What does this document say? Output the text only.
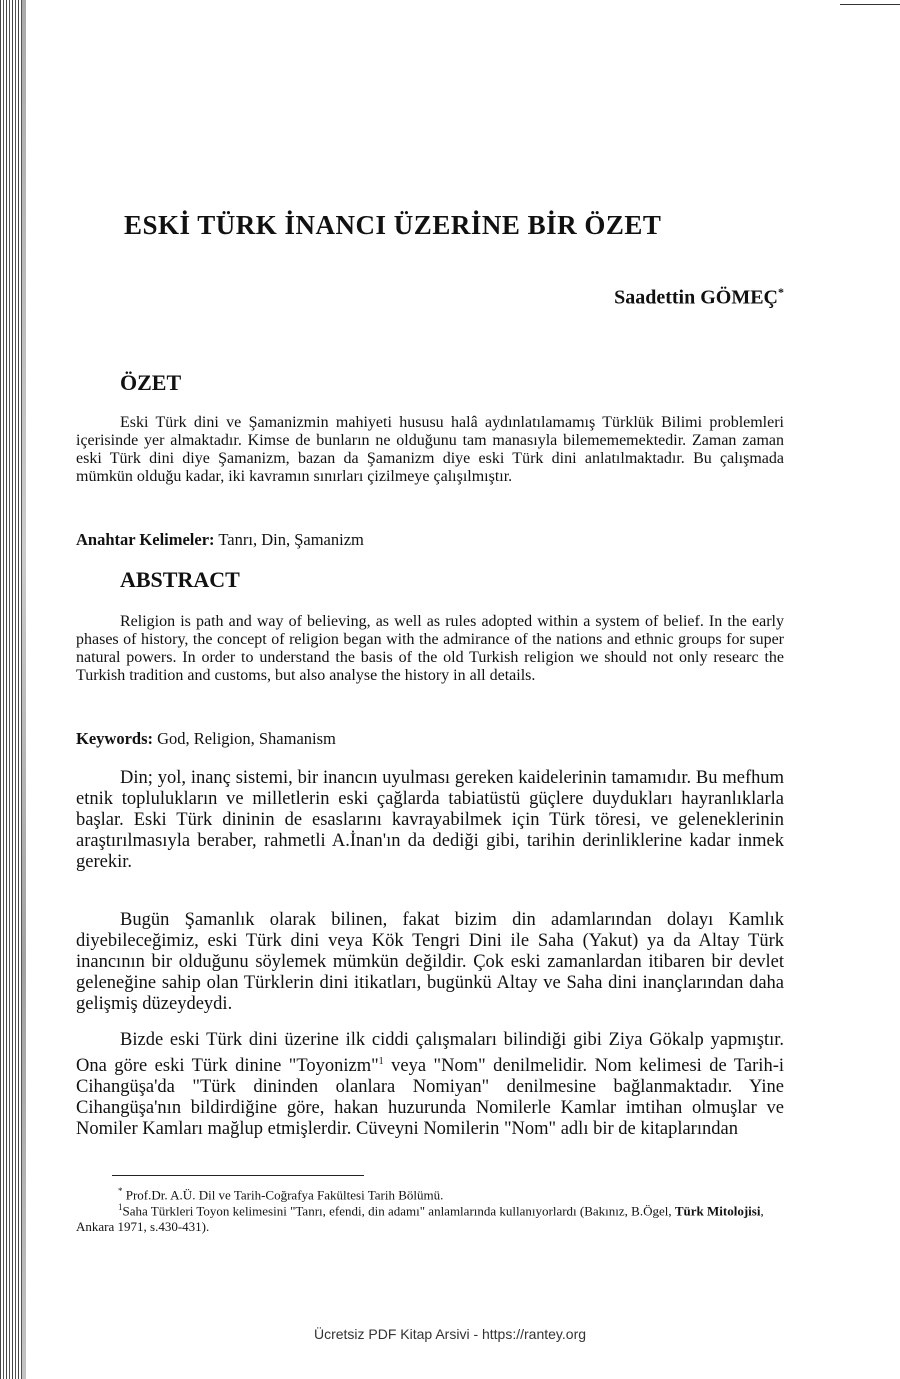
ESKİ TÜRK İNANCI ÜZERİNE BİR ÖZET

Saadettin GÖMEÇ*

ÖZET

Eski Türk dini ve Şamanizmin mahiyeti hususu halâ aydınlatılamamış Türklük Bilimi problemleri içerisinde yer almaktadır. Kimse de bunların ne olduğunu tam manasıyla bilemememektedir. Zaman zaman eski Türk dini diye Şamanizm, bazan da Şamanizm diye eski Türk dini anlatılmaktadır. Bu çalışmada mümkün olduğu kadar, iki kavramın sınırları çizilmeye çalışılmıştır.

Anahtar Kelimeler: Tanrı, Din, Şamanizm

ABSTRACT

Religion is path and way of believing, as well as rules adopted within a system of belief. In the early phases of history, the concept of religion began with the admirance of the nations and ethnic groups for super natural powers. In order to understand the basis of the old Turkish religion we should not only researc the Turkish tradition and customs, but also analyse the history in all details.

Keywords: God, Religion, Shamanism

Din; yol, inanç sistemi, bir inancın uyulması gereken kaidelerinin tamamıdır. Bu mefhum etnik toplulukların ve milletlerin eski çağlarda tabiatüstü güçlere duydukları hayranlıklarla başlar. Eski Türk dininin de esaslarını kavrayabilmek için Türk töresi, ve geleneklerinin araştırılmasıyla beraber, rahmetli A.İnan'ın da dediği gibi, tarihin derinliklerine kadar inmek gerekir.

Bugün Şamanlık olarak bilinen, fakat bizim din adamlarından dolayı Kamlık diyebileceğimiz, eski Türk dini veya Kök Tengri Dini ile Saha (Yakut) ya da Altay Türk inancının bir olduğunu söylemek mümkün değildir. Çok eski zamanlardan itibaren bir devlet geleneğine sahip olan Türklerin dini itikatları, bugünkü Altay ve Saha dini inançlarından daha gelişmiş düzeydeydi.

Bizde eski Türk dini üzerine ilk ciddi çalışmaları bilindiği gibi Ziya Gökalp yapmıştır. Ona göre eski Türk dinine "Toyonizm"$^1$ veya "Nom" denilmelidir. Nom kelimesi de Tarih-i Cihangüşa'da "Türk dininden olanlara Nomiyan" denilmesine bağlanmaktadır. Yine Cihangüşa'nın bildirdiğine göre, hakan huzurunda Nomilerle Kamlar imtihan olmuşlar ve Nomiler Kamları mağlup etmişlerdir. Cüveyni Nomilerin "Nom" adlı bir de kitaplarından

* Prof.Dr. A.Ü. Dil ve Tarih-Coğrafya Fakültesi Tarih Bölümü.

$^1$Saha Türkleri Toyon kelimesini "Tanrı, efendi, din adamı" anlamlarında kullanıyorlardı (Bakınız, B.Ögel, Türk Mitolojisi, Ankara 1971, s.430-431).

Ücretsiz PDF Kitap Arsivi - https://rantey.org
